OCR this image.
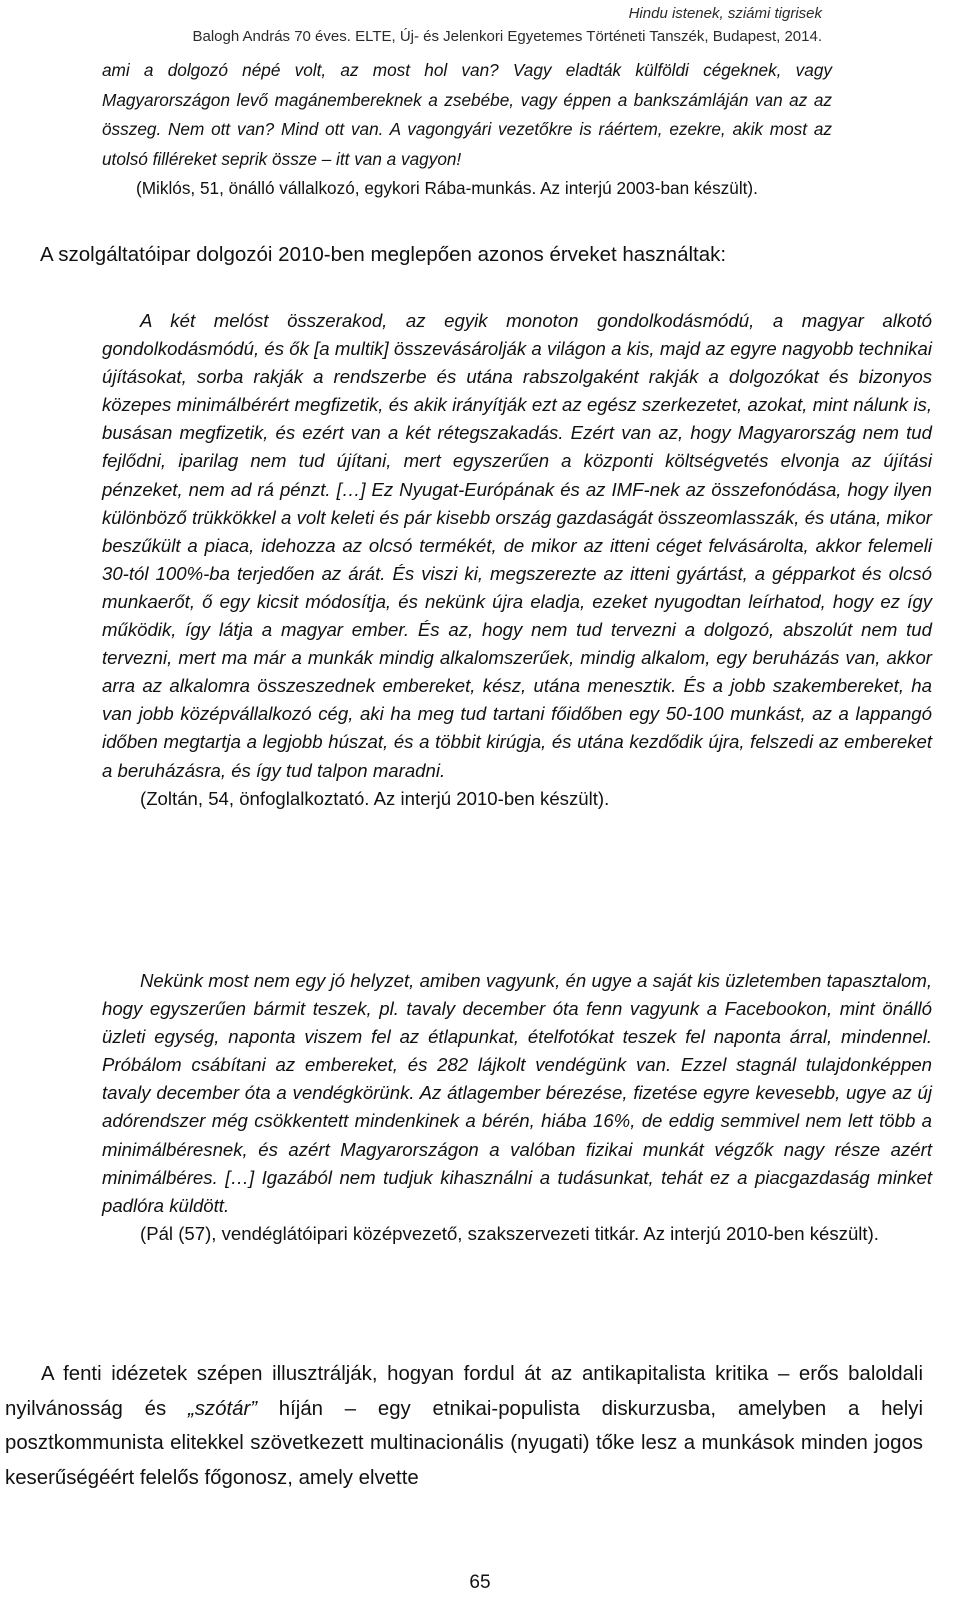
Hindu istenek, sziámi tigrisek
Balogh András 70 éves. ELTE, Új- és Jelenkori Egyetemes Történeti Tanszék, Budapest, 2014.

ami a dolgozó népé volt, az most hol van? Vagy eladták külföldi cégeknek, vagy Magyarországon levő magánembereknek a zsebébe, vagy éppen a bankszámláján van az az összeg. Nem ott van? Mind ott van. A vagongyári vezetőkre is ráértem, ezekre, akik most az utolsó filléreket seprik össze – itt van a vagyon!

(Miklós, 51, önálló vállalkozó, egykori Rába-munkás. Az interjú 2003-ban készült).

A szolgáltatóipar dolgozói 2010-ben meglepően azonos érveket használtak:

A két melóst összerakod, az egyik monoton gondolkodásmódú, a magyar alkotó gondolkodásmódú, és ők [a multik] összevásárolják a világon a kis, majd az egyre nagyobb technikai újításokat, sorba rakják a rendszerbe és utána rabszolgaként rakják a dolgozókat és bizonyos közepes minimálbérért megfizetik, és akik irányítják ezt az egész szerkezetet, azokat, mint nálunk is, busásan megfizetik, és ezért van a két rétegszakadás. Ezért van az, hogy Magyarország nem tud fejlődni, iparilag nem tud újítani, mert egyszerűen a központi költségvetés elvonja az újítási pénzeket, nem ad rá pénzt. […] Ez Nyugat-Európának és az IMF-nek az összefonódása, hogy ilyen különböző trükkökkel a volt keleti és pár kisebb ország gazdaságát összeomlasszák, és utána, mikor beszűkült a piaca, idehozza az olcsó termékét, de mikor az itteni céget felvásárolta, akkor felemeli 30-tól 100%-ba terjedően az árát. És viszi ki, megszerezte az itteni gyártást, a gépparkot és olcsó munkaerőt, ő egy kicsit módosítja, és nekünk újra eladja, ezeket nyugodtan leírhatod, hogy ez így működik, így látja a magyar ember. És az, hogy nem tud tervezni a dolgozó, abszolút nem tud tervezni, mert ma már a munkák mindig alkalomszerűek, mindig alkalom, egy beruházás van, akkor arra az alkalomra összeszednek embereket, kész, utána menesztik. És a jobb szakembereket, ha van jobb középvállalkozó cég, aki ha meg tud tartani főidőben egy 50-100 munkást, az a lappangó időben megtartja a legjobb húszat, és a többit kirúgja, és utána kezdődik újra, felszedi az embereket a beruházásra, és így tud talpon maradni.

(Zoltán, 54, önfoglalkoztató. Az interjú 2010-ben készült).

Nekünk most nem egy jó helyzet, amiben vagyunk, én ugye a saját kis üzletemben tapasztalom, hogy egyszerűen bármit teszek, pl. tavaly december óta fenn vagyunk a Facebookon, mint önálló üzleti egység, naponta viszem fel az étlapunkat, ételfotókat teszek fel naponta árral, mindennel. Próbálom csábítani az embereket, és 282 lájkolt vendégünk van. Ezzel stagnál tulajdonképpen tavaly december óta a vendégkörünk. Az átlagember bérezése, fizetése egyre kevesebb, ugye az új adórendszer még csökkentett mindenkinek a bérén, hiába 16%, de eddig semmivel nem lett több a minimálbéresnek, és azért Magyarországon a valóban fizikai munkát végzők nagy része azért minimálbéres. […] Igazából nem tudjuk kihasználni a tudásunkat, tehát ez a piacgazdaság minket padlóra küldött.

(Pál (57), vendéglátóipari középvezető, szakszervezeti titkár. Az interjú 2010-ben készült).

A fenti idézetek szépen illusztrálják, hogyan fordul át az antikapitalista kritika – erős baloldali nyilvánosság és „szótár” híján – egy etnikai-populista diskurzusba, amelyben a helyi posztkommunista elitekkel szövetkezett multinacionális (nyugati) tőke lesz a munkások minden jogos keserűségéért felelős főgonosz, amely elvette

65
